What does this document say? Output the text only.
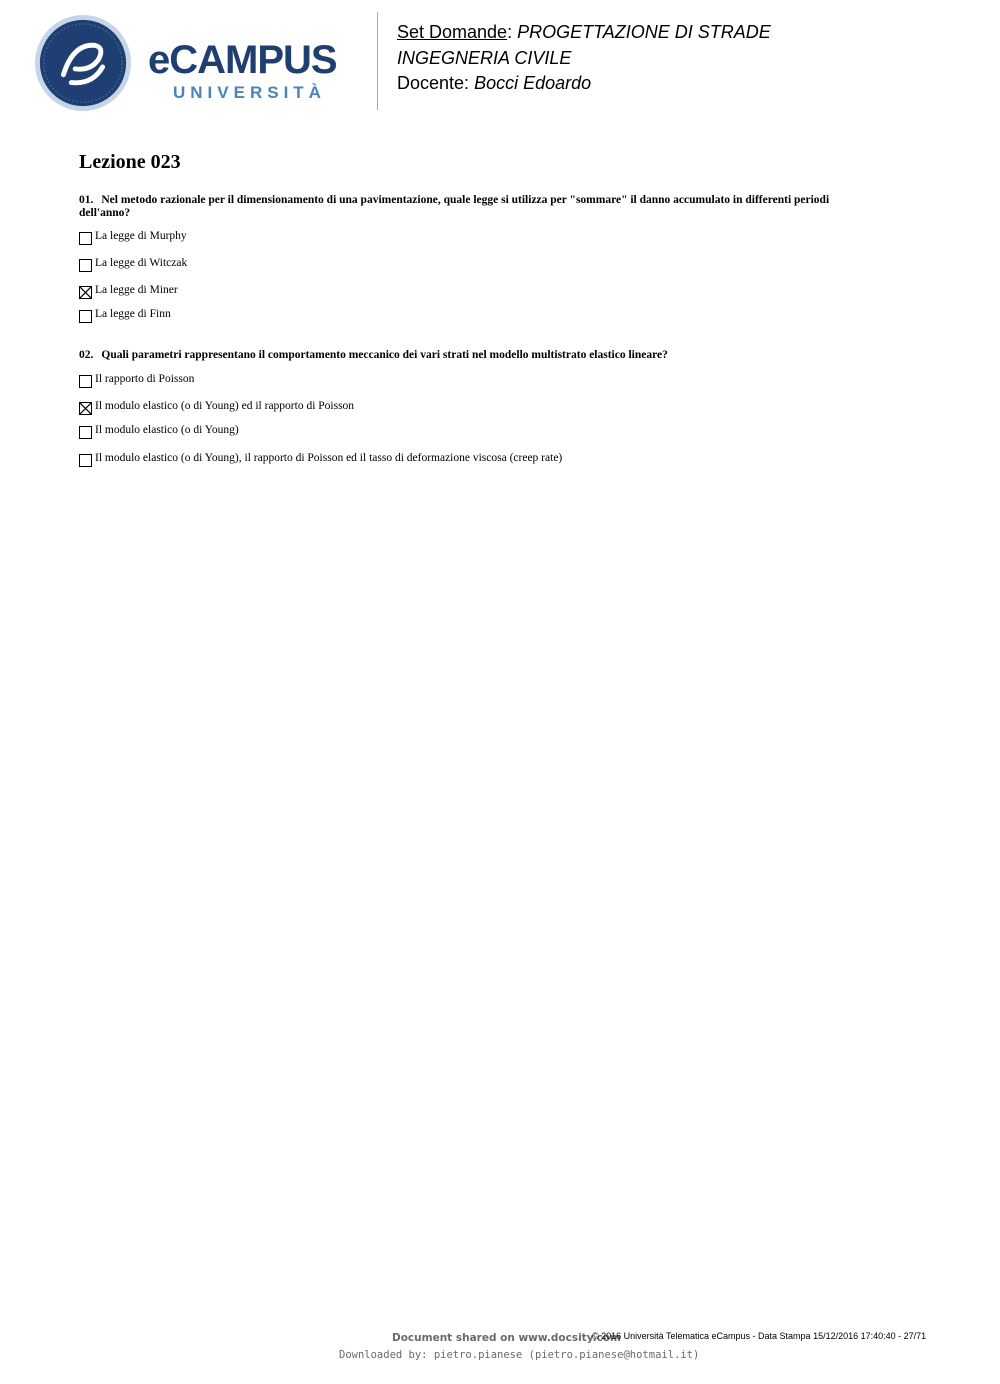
eCAMPUS
UNIVERSITÀ
Set Domande: PROGETTAZIONE DI STRADE
INGEGNERIA CIVILE
Docente: Bocci Edoardo
Lezione 023
01. Nel metodo razionale per il dimensionamento di una pavimentazione, quale legge si utilizza per "sommare" il danno accumulato in differenti periodi dell'anno?
La legge di Murphy
La legge di Witczak
La legge di Miner
La legge di Finn
02. Quali parametri rappresentano il comportamento meccanico dei vari strati nel modello multistrato elastico lineare?
Il rapporto di Poisson
Il modulo elastico (o di Young) ed il rapporto di Poisson
Il modulo elastico (o di Young)
Il modulo elastico (o di Young), il rapporto di Poisson ed il tasso di deformazione viscosa (creep rate)
Document shared on www.docsity.com
© 2016 Università Telematica eCampus - Data Stampa 15/12/2016 17:40:40 - 27/71
Downloaded by: pietro.pianese (pietro.pianese@hotmail.it)
